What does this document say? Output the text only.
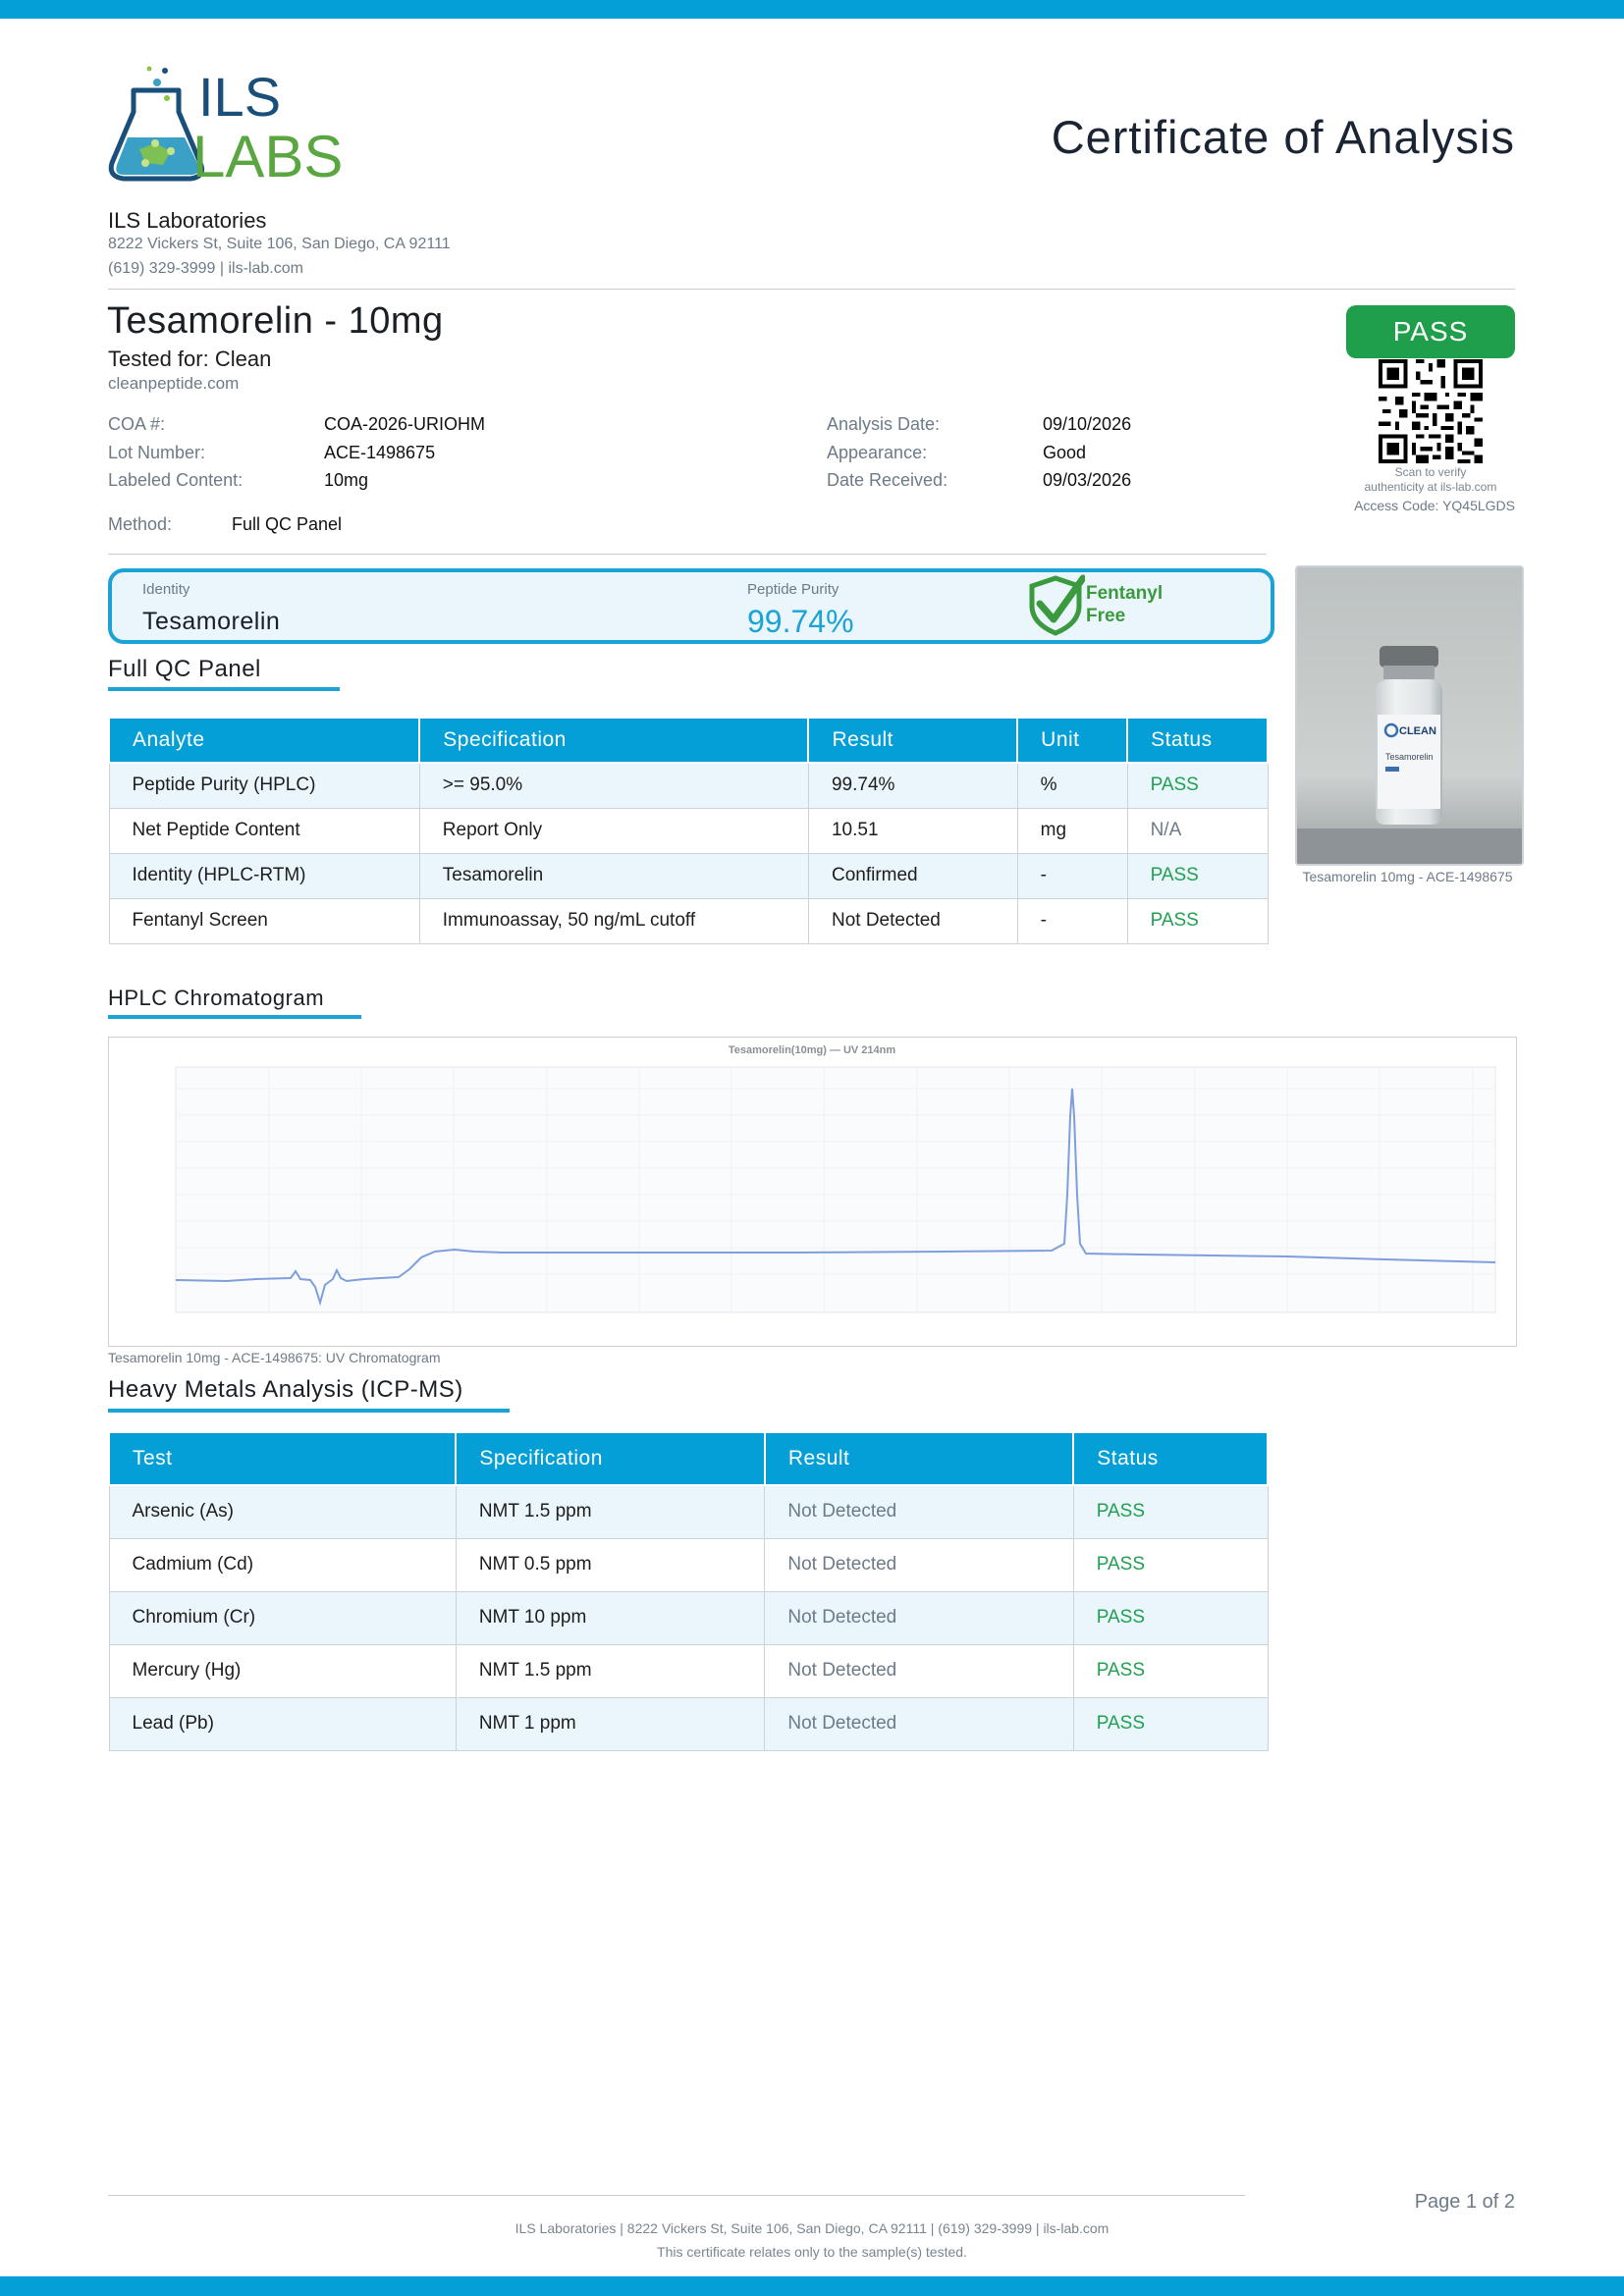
ILS
LABS	Certificate of Analysis
ILS Laboratories
8222 Vickers St, Suite 106, San Diego, CA 92111
(619) 329-3999 | ils-lab.com
Tesamorelin - 10mg
Tested for: Clean
cleanpeptide.com
COA #:	COA-2026-URIOHM
Lot Number:	ACE-1498675
Labeled Content:	10mg
Analysis Date:	09/10/2026
Appearance:	Good
Date Received:	09/03/2026
Method:	Full QC Panel
PASS
Scan to verify
authenticity at ils-lab.com
Access Code: YQ45LGDS
Identity
Tesamorelin
Peptide Purity
99.74%
Fentanyl
Free
CLEAN
Tesamorelin
Tesamorelin 10mg - ACE-1498675
Full QC Panel
Analyte	Specification	Result	Unit	Status
Peptide Purity (HPLC)	>= 95.0%	99.74%	%	PASS
Net Peptide Content	Report Only	10.51	mg	N/A
Identity (HPLC-RTM)	Tesamorelin	Confirmed	-	PASS
Fentanyl Screen	Immunoassay, 50 ng/mL cutoff	Not Detected	-	PASS
HPLC Chromatogram
Tesamorelin(10mg) — UV 214nm
Tesamorelin 10mg - ACE-1498675: UV Chromatogram
Heavy Metals Analysis (ICP-MS)
Test	Specification	Result	Status
Arsenic (As)	NMT 1.5 ppm	Not Detected	PASS
Cadmium (Cd)	NMT 0.5 ppm	Not Detected	PASS
Chromium (Cr)	NMT 10 ppm	Not Detected	PASS
Mercury (Hg)	NMT 1.5 ppm	Not Detected	PASS
Lead (Pb)	NMT 1 ppm	Not Detected	PASS
Page 1 of 2
ILS Laboratories | 8222 Vickers St, Suite 106, San Diego, CA 92111 | (619) 329-3999 | ils-lab.com
This certificate relates only to the sample(s) tested.
